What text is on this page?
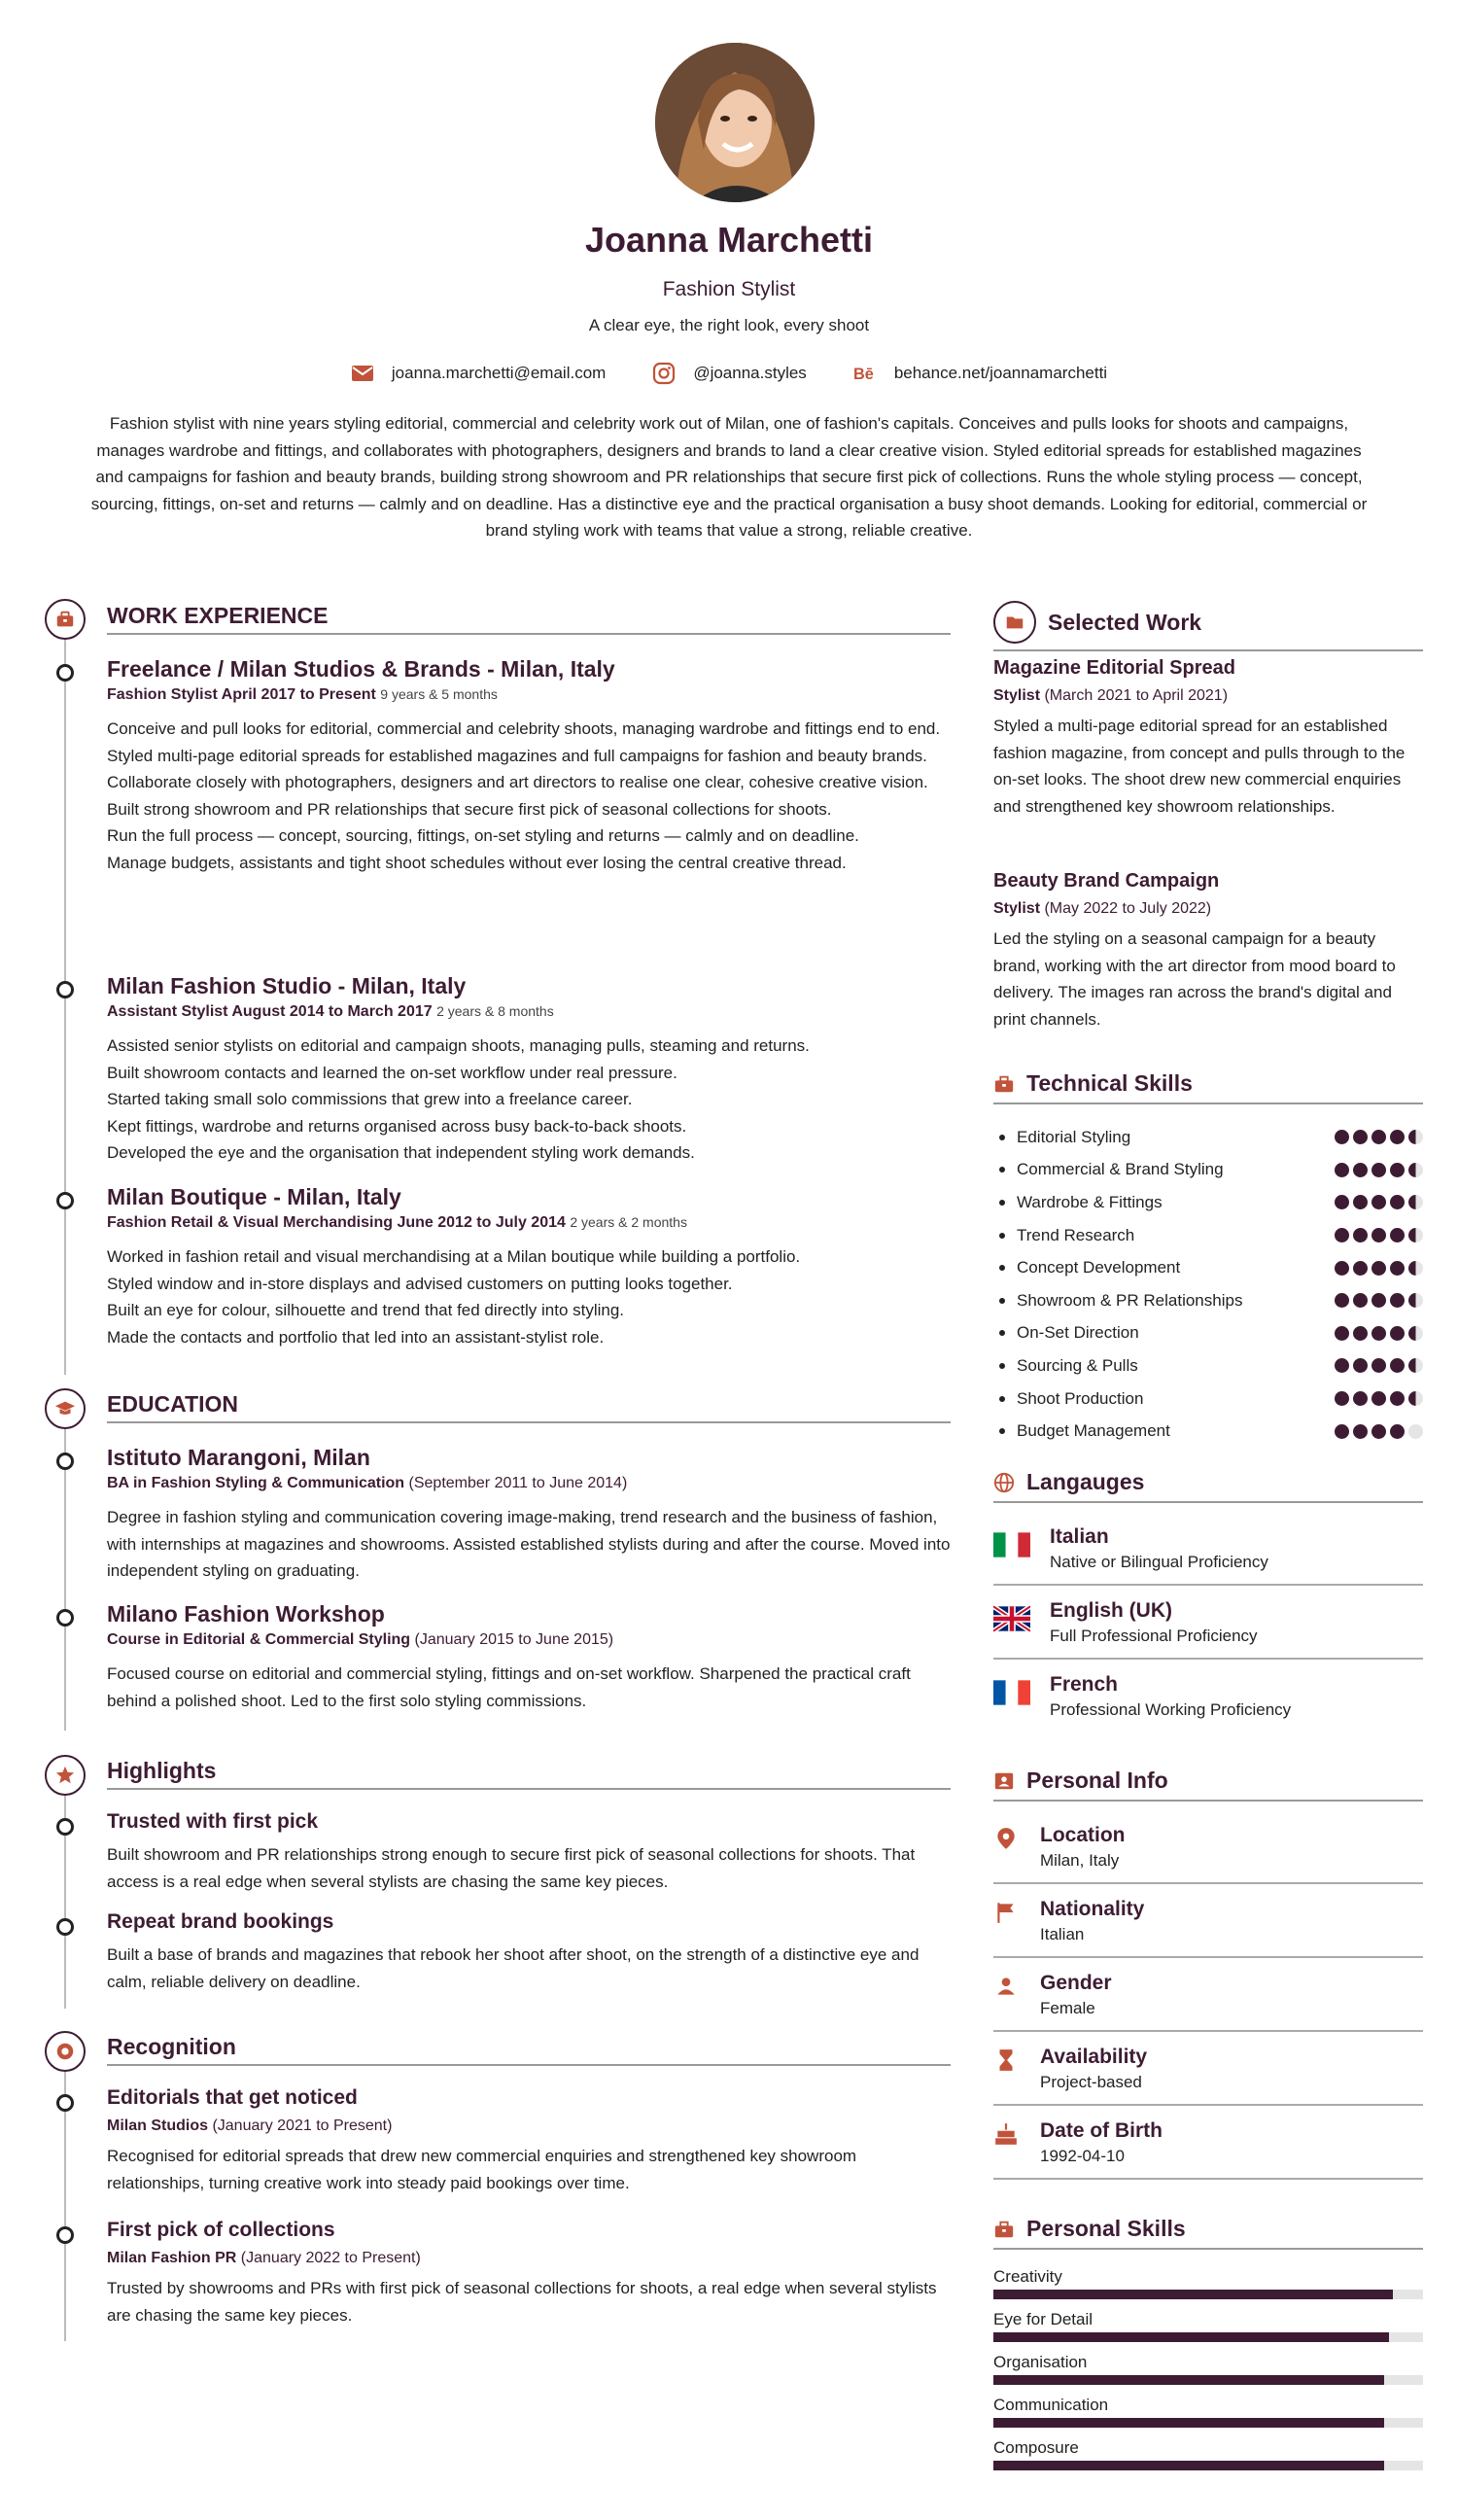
Joanna Marchetti
Fashion Stylist
A clear eye, the right look, every shoot
joanna.marchetti@email.com	@joanna.styles	Bē behance.net/joannamarchetti
Fashion stylist with nine years styling editorial, commercial and celebrity work out of Milan, one of fashion's capitals. Conceives and pulls looks for shoots and campaigns, manages wardrobe and fittings, and collaborates with photographers, designers and brands to land a clear creative vision. Styled editorial spreads for established magazines and campaigns for fashion and beauty brands, building strong showroom and PR relationships that secure first pick of collections. Runs the whole styling process — concept, sourcing, fittings, on-set and returns — calmly and on deadline. Has a distinctive eye and the practical organisation a busy shoot demands. Looking for editorial, commercial or brand styling work with teams that value a strong, reliable creative.
WORK EXPERIENCE
Freelance / Milan Studios & Brands - Milan, Italy
Fashion Stylist April 2017 to Present 9 years & 5 months
Conceive and pull looks for editorial, commercial and celebrity shoots, managing wardrobe and fittings end to end.
Styled multi-page editorial spreads for established magazines and full campaigns for fashion and beauty brands.
Collaborate closely with photographers, designers and art directors to realise one clear, cohesive creative vision.
Built strong showroom and PR relationships that secure first pick of seasonal collections for shoots.
Run the full process — concept, sourcing, fittings, on-set styling and returns — calmly and on deadline.
Manage budgets, assistants and tight shoot schedules without ever losing the central creative thread.
Milan Fashion Studio - Milan, Italy
Assistant Stylist August 2014 to March 2017 2 years & 8 months
Assisted senior stylists on editorial and campaign shoots, managing pulls, steaming and returns.
Built showroom contacts and learned the on-set workflow under real pressure.
Started taking small solo commissions that grew into a freelance career.
Kept fittings, wardrobe and returns organised across busy back-to-back shoots.
Developed the eye and the organisation that independent styling work demands.
Milan Boutique - Milan, Italy
Fashion Retail & Visual Merchandising June 2012 to July 2014 2 years & 2 months
Worked in fashion retail and visual merchandising at a Milan boutique while building a portfolio.
Styled window and in-store displays and advised customers on putting looks together.
Built an eye for colour, silhouette and trend that fed directly into styling.
Made the contacts and portfolio that led into an assistant-stylist role.
EDUCATION
Istituto Marangoni, Milan
BA in Fashion Styling & Communication (September 2011 to June 2014)
Degree in fashion styling and communication covering image-making, trend research and the business of fashion, with internships at magazines and showrooms. Assisted established stylists during and after the course. Moved into independent styling on graduating.
Milano Fashion Workshop
Course in Editorial & Commercial Styling (January 2015 to June 2015)
Focused course on editorial and commercial styling, fittings and on-set workflow. Sharpened the practical craft behind a polished shoot. Led to the first solo styling commissions.
Highlights
Trusted with first pick
Built showroom and PR relationships strong enough to secure first pick of seasonal collections for shoots. That access is a real edge when several stylists are chasing the same key pieces.
Repeat brand bookings
Built a base of brands and magazines that rebook her shoot after shoot, on the strength of a distinctive eye and calm, reliable delivery on deadline.
Recognition
Editorials that get noticed
Milan Studios (January 2021 to Present)
Recognised for editorial spreads that drew new commercial enquiries and strengthened key showroom relationships, turning creative work into steady paid bookings over time.
First pick of collections
Milan Fashion PR (January 2022 to Present)
Trusted by showrooms and PRs with first pick of seasonal collections for shoots, a real edge when several stylists are chasing the same key pieces.
Selected Work
Magazine Editorial Spread
Stylist (March 2021 to April 2021)
Styled a multi-page editorial spread for an established fashion magazine, from concept and pulls through to the on-set looks. The shoot drew new commercial enquiries and strengthened key showroom relationships.
Beauty Brand Campaign
Stylist (May 2022 to July 2022)
Led the styling on a seasonal campaign for a beauty brand, working with the art director from mood board to delivery. The images ran across the brand's digital and print channels.
Technical Skills
Editorial Styling
Commercial & Brand Styling
Wardrobe & Fittings
Trend Research
Concept Development
Showroom & PR Relationships
On-Set Direction
Sourcing & Pulls
Shoot Production
Budget Management
Langauges
Italian
Native or Bilingual Proficiency
English (UK)
Full Professional Proficiency
French
Professional Working Proficiency
Personal Info
Location
Milan, Italy
Nationality
Italian
Gender
Female
Availability
Project-based
Date of Birth
1992-04-10
Personal Skills
Creativity
Eye for Detail
Organisation
Communication
Composure
